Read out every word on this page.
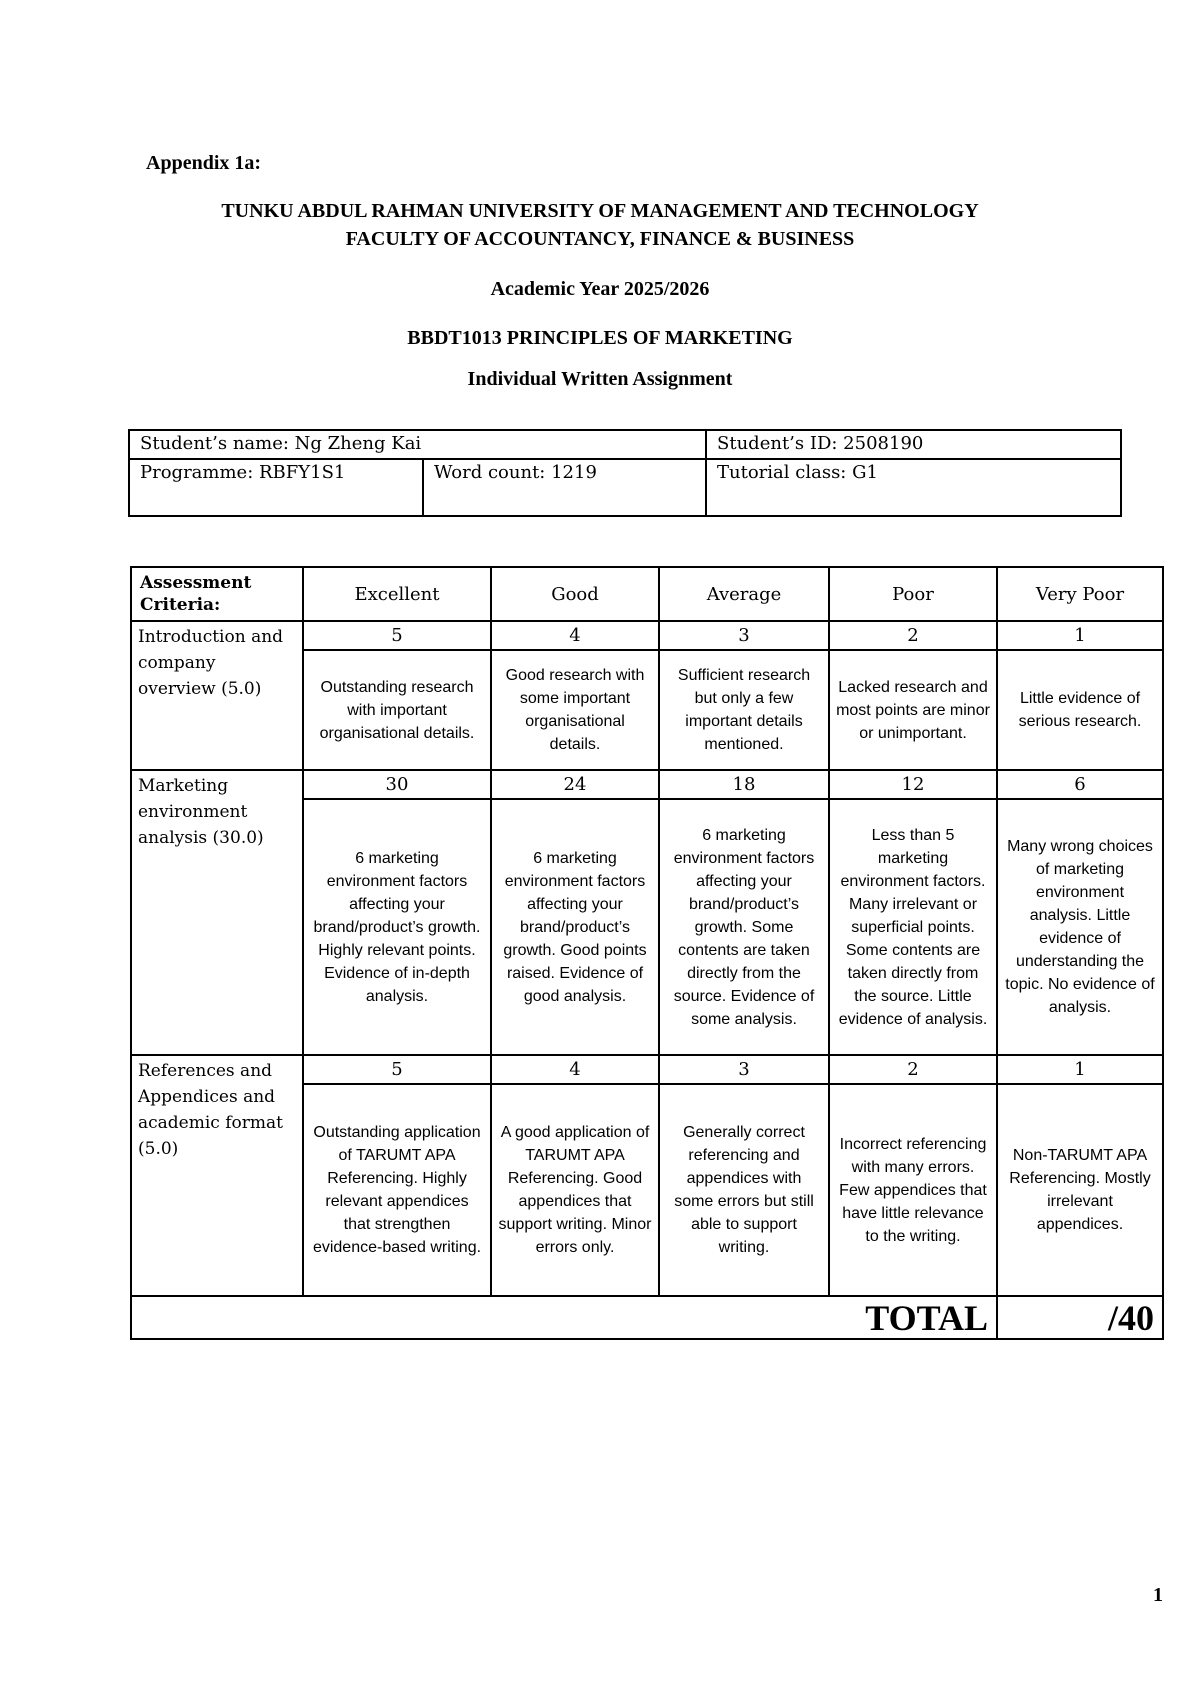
Appendix 1a:
TUNKU ABDUL RAHMAN UNIVERSITY OF MANAGEMENT AND TECHNOLOGY
FACULTY OF ACCOUNTANCY, FINANCE & BUSINESS
Academic Year 2025/2026
BBDT1013 PRINCIPLES OF MARKETING
Individual Written Assignment
Student’s name: Ng Zheng Kai		Student’s ID: 2508190
Programme: RBFY1S1	Word count: 1219	Tutorial class: G1
Assessment Criteria:	Excellent	Good	Average	Poor	Very Poor
Introduction and company overview (5.0)	5	4	3	2	1
	Outstanding research with important organisational details.	Good research with some important organisational details.	Sufficient research but only a few important details mentioned.	Lacked research and most points are minor or unimportant.	Little evidence of serious research.
Marketing environment analysis (30.0)	30	24	18	12	6
	6 marketing environment factors affecting your brand/product’s growth. Highly relevant points. Evidence of in-depth analysis.	6 marketing environment factors affecting your brand/product’s growth. Good points raised. Evidence of good analysis.	6 marketing environment factors affecting your brand/product’s growth. Some contents are taken directly from the source. Evidence of some analysis.	Less than 5 marketing environment factors. Many irrelevant or superficial points. Some contents are taken directly from the source. Little evidence of analysis.	Many wrong choices of marketing environment analysis. Little evidence of understanding the topic. No evidence of analysis.
References and Appendices and academic format (5.0)	5	4	3	2	1
	Outstanding application of TARUMT APA Referencing. Highly relevant appendices that strengthen evidence-based writing.	A good application of TARUMT APA Referencing. Good appendices that support writing. Minor errors only.	Generally correct referencing and appendices with some errors but still able to support writing.	Incorrect referencing with many errors. Few appendices that have little relevance to the writing.	Non-TARUMT APA Referencing. Mostly irrelevant appendices.
				TOTAL	/40
1
